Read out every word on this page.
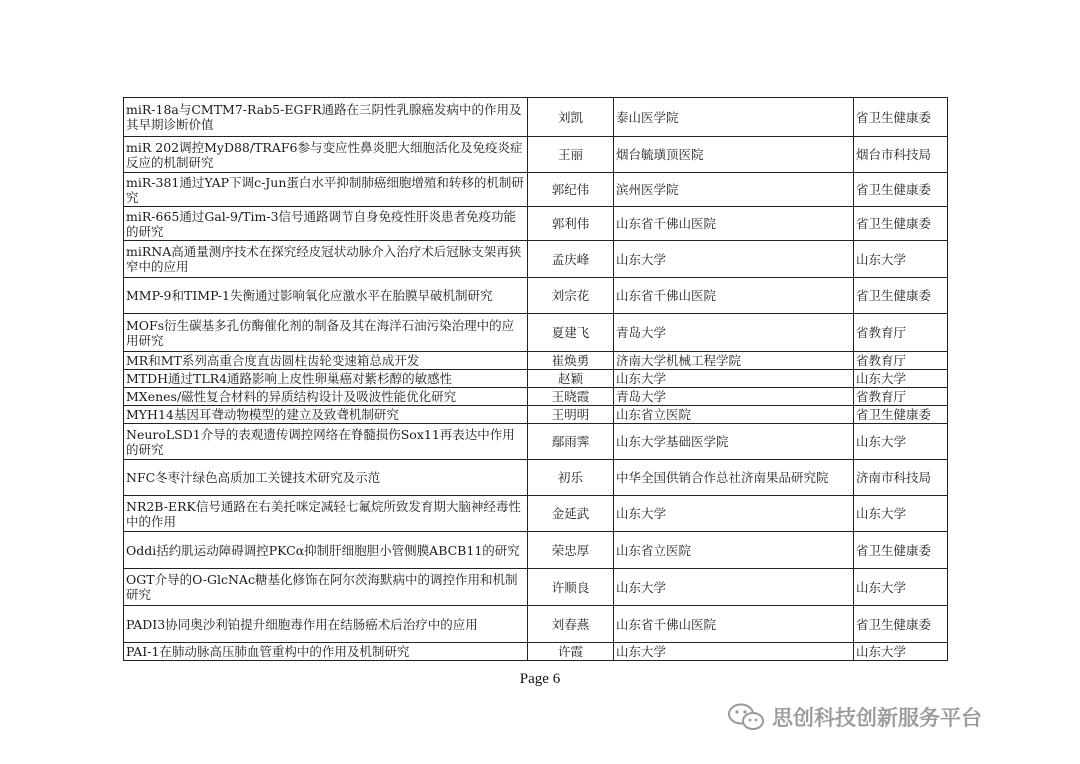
miR-18a与CMTM7-Rab5-EGFR通路在三阴性乳腺癌发病中的作用及其早期诊断价值	刘凯	泰山医学院	省卫生健康委
miR 202调控MyD88/TRAF6参与变应性鼻炎肥大细胞活化及免疫炎症反应的机制研究	王丽	烟台毓璜顶医院	烟台市科技局
miR-381通过YAP下调c-Jun蛋白水平抑制肺癌细胞增殖和转移的机制研究	郭纪伟	滨州医学院	省卫生健康委
miR-665通过Gal-9/Tim-3信号通路调节自身免疫性肝炎患者免疫功能的研究	郭利伟	山东省千佛山医院	省卫生健康委
miRNA高通量测序技术在探究经皮冠状动脉介入治疗术后冠脉支架再狭窄中的应用	孟庆峰	山东大学	山东大学
MMP-9和TIMP-1失衡通过影响氧化应激水平在胎膜早破机制研究	刘宗花	山东省千佛山医院	省卫生健康委
MOFs衍生碳基多孔仿酶催化剂的制备及其在海洋石油污染治理中的应用研究	夏建飞	青岛大学	省教育厅
MR和MT系列高重合度直齿圆柱齿轮变速箱总成开发	崔焕勇	济南大学机械工程学院	省教育厅
MTDH通过TLR4通路影响上皮性卵巢癌对紫杉醇的敏感性	赵颖	山东大学	山东大学
MXenes/磁性复合材料的异质结构设计及吸波性能优化研究	王晓霞	青岛大学	省教育厅
MYH14基因耳聋动物模型的建立及致聋机制研究	王明明	山东省立医院	省卫生健康委
NeuroLSD1介导的表观遗传调控网络在脊髓损伤Sox11再表达中作用的研究	鄢雨霁	山东大学基础医学院	山东大学
NFC冬枣汁绿色高质加工关键技术研究及示范	初乐	中华全国供销合作总社济南果品研究院	济南市科技局
NR2B-ERK信号通路在右美托咪定减轻七氟烷所致发育期大脑神经毒性中的作用	金延武	山东大学	山东大学
Oddi括约肌运动障碍调控PKCα抑制肝细胞胆小管侧膜ABCB11的研究	荣忠厚	山东省立医院	省卫生健康委
OGT介导的O-GlcNAc糖基化修饰在阿尔茨海默病中的调控作用和机制研究	许顺良	山东大学	山东大学
PADI3协同奥沙利铂提升细胞毒作用在结肠癌术后治疗中的应用	刘春燕	山东省千佛山医院	省卫生健康委
PAI-1在肺动脉高压肺血管重构中的作用及机制研究	许霞	山东大学	山东大学
Page 6
思创科技创新服务平台
